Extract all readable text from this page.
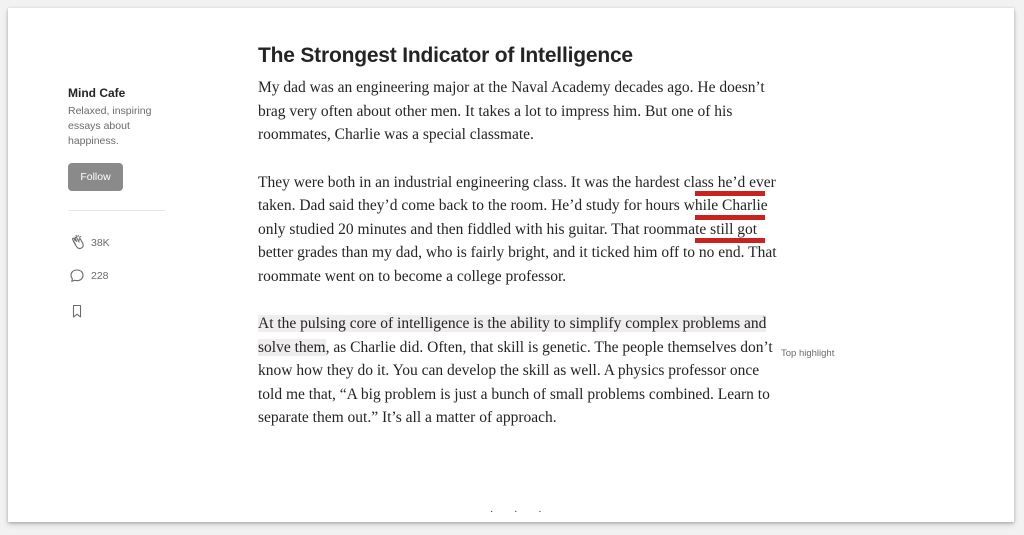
Mind Cafe

Relaxed, inspiring essays about happiness.

Follow
38K
228
The Strongest Indicator of Intelligence

My dad was an engineering major at the Naval Academy decades ago. He doesn’t brag very often about other men. It takes a lot to impress him. But one of his roommates, Charlie was a special classmate.

They were both in an industrial engineering class. It was the hardest class he’d ever taken. Dad said they’d come back to the room. He’d study for hours while Charlie only studied 20 minutes and then fiddled with his guitar. That roommate still got better grades than my dad, who is fairly bright, and it ticked him off to no end. That roommate went on to become a college professor.

At the pulsing core of intelligence is the ability to simplify complex problems and solve them, as Charlie did. Often, that skill is genetic. The people themselves don’t know how they do it. You can develop the skill as well. A physics professor once told me that, “A big problem is just a bunch of small problems combined. Learn to separate them out.” It’s all a matter of approach.

Top highlight
· · ·
